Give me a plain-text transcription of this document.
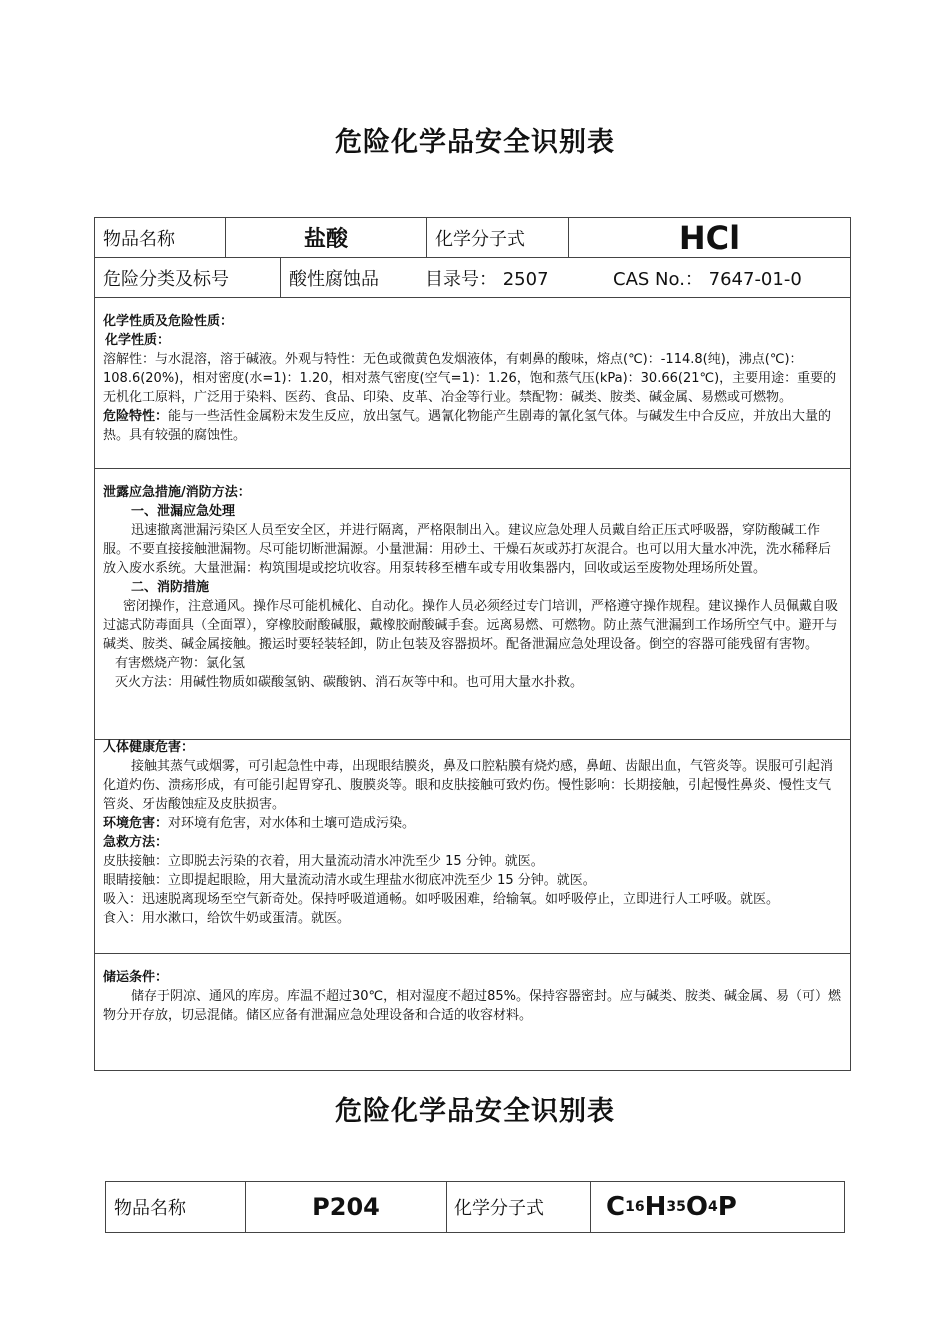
危险化学品安全识别表
物品名称	盐酸	化学分子式	HCl
危险分类及标号	酸性腐蚀品	目录号： 2507	CAS No.： 7647-01-0

化学性质及危险性质：

化学性质：

溶解性：与水混溶，溶于碱液。外观与特性：无色或微黄色发烟液体，有刺鼻的酸味，熔点(℃)：-114.8(纯)，沸点(℃)：108.6(20%)，相对密度(水=1)：1.20，相对蒸气密度(空气=1)：1.26，饱和蒸气压(kPa)：30.66(21℃)，主要用途：重要的无机化工原料，广泛用于染料、医药、食品、印染、皮革、冶金等行业。禁配物：碱类、胺类、碱金属、易燃或可燃物。

危险特性：能与一些活性金属粉末发生反应，放出氢气。遇氰化物能产生剧毒的氰化氢气体。与碱发生中合反应，并放出大量的热。具有较强的腐蚀性。

泄露应急措施/消防方法：

一、泄漏应急处理

迅速撤离泄漏污染区人员至安全区，并进行隔离，严格限制出入。建议应急处理人员戴自给正压式呼吸器，穿防酸碱工作服。不要直接接触泄漏物。尽可能切断泄漏源。小量泄漏：用砂土、干燥石灰或苏打灰混合。也可以用大量水冲洗，洗水稀释后放入废水系统。大量泄漏：构筑围堤或挖坑收容。用泵转移至槽车或专用收集器内，回收或运至废物处理场所处置。

二、消防措施

密闭操作，注意通风。操作尽可能机械化、自动化。操作人员必须经过专门培训，严格遵守操作规程。建议操作人员佩戴自吸过滤式防毒面具（全面罩），穿橡胶耐酸碱服，戴橡胶耐酸碱手套。远离易燃、可燃物。防止蒸气泄漏到工作场所空气中。避开与碱类、胺类、碱金属接触。搬运时要轻装轻卸，防止包装及容器损坏。配备泄漏应急处理设备。倒空的容器可能残留有害物。

有害燃烧产物：氯化氢

灭火方法：用碱性物质如碳酸氢钠、碳酸钠、消石灰等中和。也可用大量水扑救。

人体健康危害：

接触其蒸气或烟雾，可引起急性中毒，出现眼结膜炎，鼻及口腔粘膜有烧灼感，鼻衄、齿龈出血，气管炎等。误服可引起消化道灼伤、溃疡形成，有可能引起胃穿孔、腹膜炎等。眼和皮肤接触可致灼伤。慢性影响：长期接触，引起慢性鼻炎、慢性支气管炎、牙齿酸蚀症及皮肤损害。

环境危害：对环境有危害，对水体和土壤可造成污染。

急救方法：

皮肤接触：立即脱去污染的衣着，用大量流动清水冲洗至少 15 分钟。就医。

眼睛接触：立即提起眼睑，用大量流动清水或生理盐水彻底冲洗至少 15 分钟。就医。

吸入：迅速脱离现场至空气新奇处。保持呼吸道通畅。如呼吸困难，给输氧。如呼吸停止，立即进行人工呼吸。就医。

食入：用水漱口，给饮牛奶或蛋清。就医。

储运条件：

储存于阴凉、通风的库房。库温不超过30℃，相对湿度不超过85%。保持容器密封。应与碱类、胺类、碱金属、易（可）燃物分开存放，切忌混储。储区应备有泄漏应急处理设备和合适的收容材料。

危险化学品安全识别表
物品名称	P204	化学分子式	C 16 H 35 O 4 P
